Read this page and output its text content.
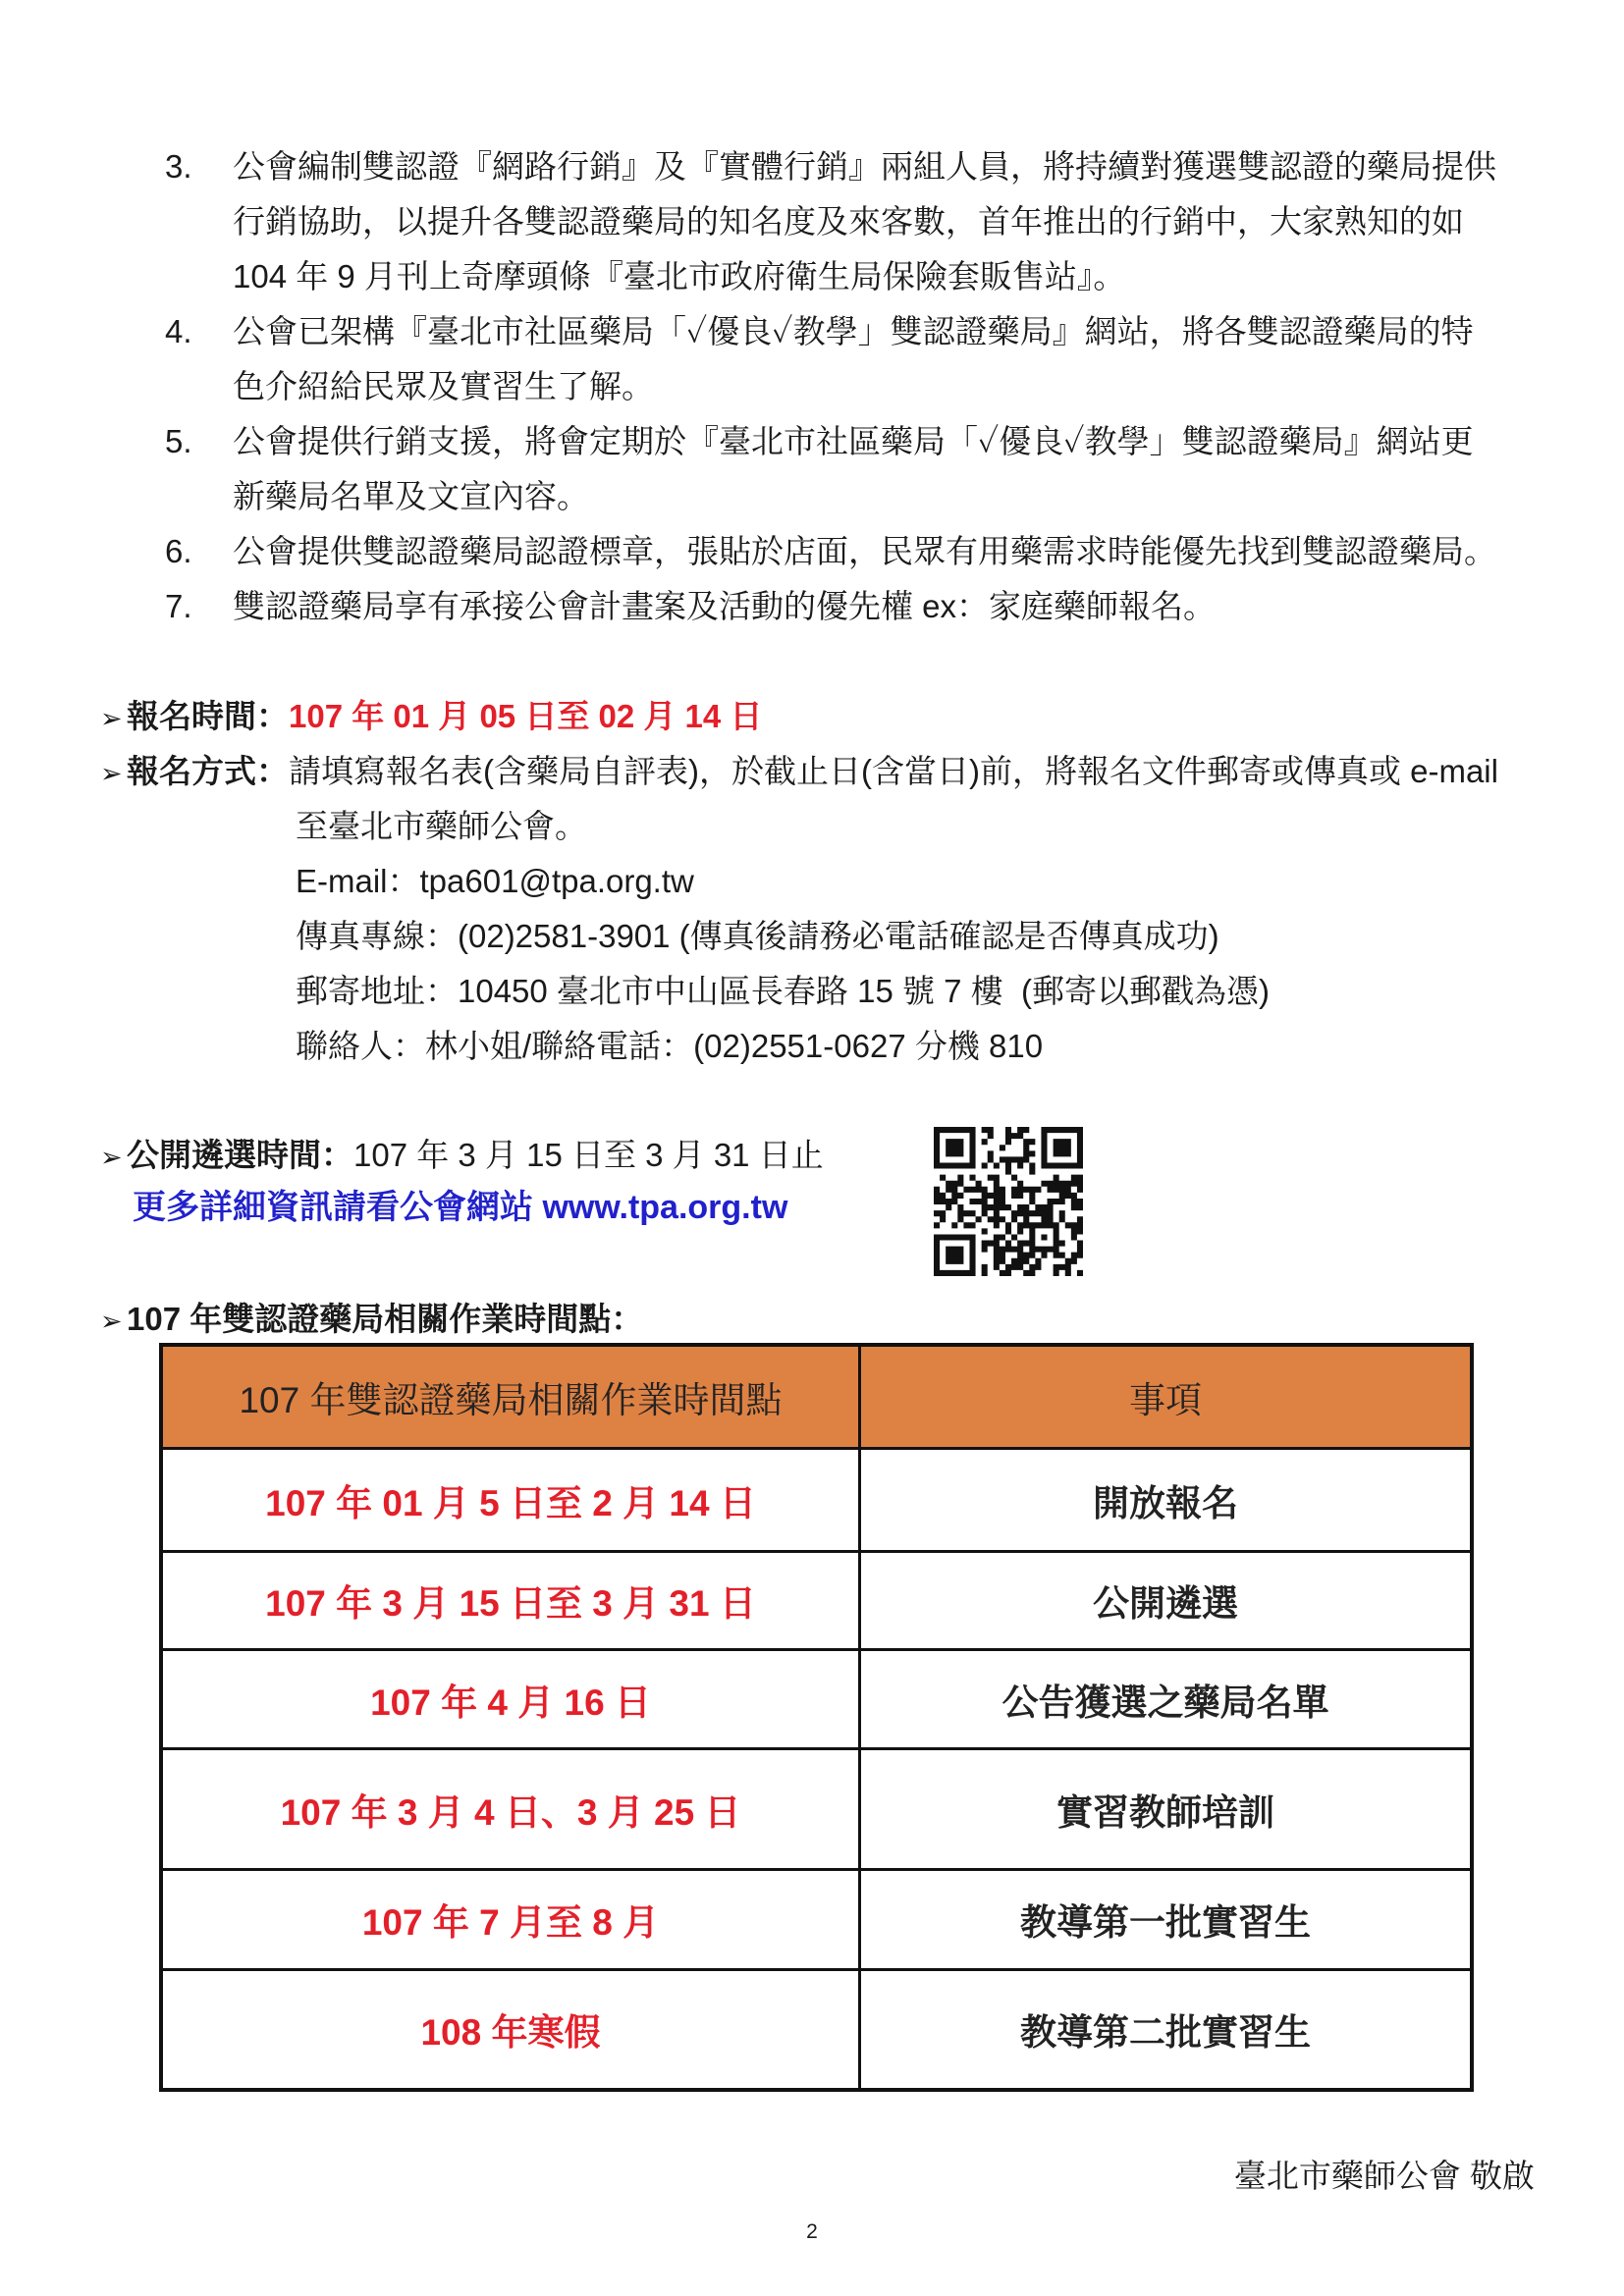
3.	公會編制雙認證『網路行銷』及『實體行銷』兩組人員，將持續對獲選雙認證的藥局提供
行銷協助，以提升各雙認證藥局的知名度及來客數，首年推出的行銷中，大家熟知的如
104 年 9 月刊上奇摩頭條『臺北市政府衛生局保險套販售站』。
4.	公會已架構『臺北市社區藥局「✓優良✓教學」雙認證藥局』網站，將各雙認證藥局的特
色介紹給民眾及實習生了解。
5.	公會提供行銷支援，將會定期於『臺北市社區藥局「✓優良✓教學」雙認證藥局』網站更
新藥局名單及文宣內容。
6.	公會提供雙認證藥局認證標章，張貼於店面，民眾有用藥需求時能優先找到雙認證藥局。
7.	雙認證藥局享有承接公會計畫案及活動的優先權 ex：家庭藥師報名。
➢ 報名時間：107 年 01 月 05 日至 02 月 14 日
➢ 報名方式：請填寫報名表(含藥局自評表)，於截止日(含當日)前，將報名文件郵寄或傳真或 e-mail
至臺北市藥師公會。
E-mail：tpa601@tpa.org.tw
傳真專線：(02)2581-3901 (傳真後請務必電話確認是否傳真成功)
郵寄地址：10450 臺北市中山區長春路 15 號 7 樓  (郵寄以郵戳為憑)
聯絡人：林小姐/聯絡電話：(02)2551-0627 分機 810
➢ 公開遴選時間：107 年 3 月 15 日至 3 月 31 日止
更多詳細資訊請看公會網站 www.tpa.org.tw
➢ 107 年雙認證藥局相關作業時間點：
107 年雙認證藥局相關作業時間點	事項
107 年 01 月 5 日至 2 月 14 日	開放報名
107 年 3 月 15 日至 3 月 31 日	公開遴選
107 年 4 月 16 日	公告獲選之藥局名單
107 年 3 月 4 日、3 月 25 日	實習教師培訓
107 年 7 月至 8 月	教導第一批實習生
108 年寒假	教導第二批實習生
臺北市藥師公會 敬啟
2
